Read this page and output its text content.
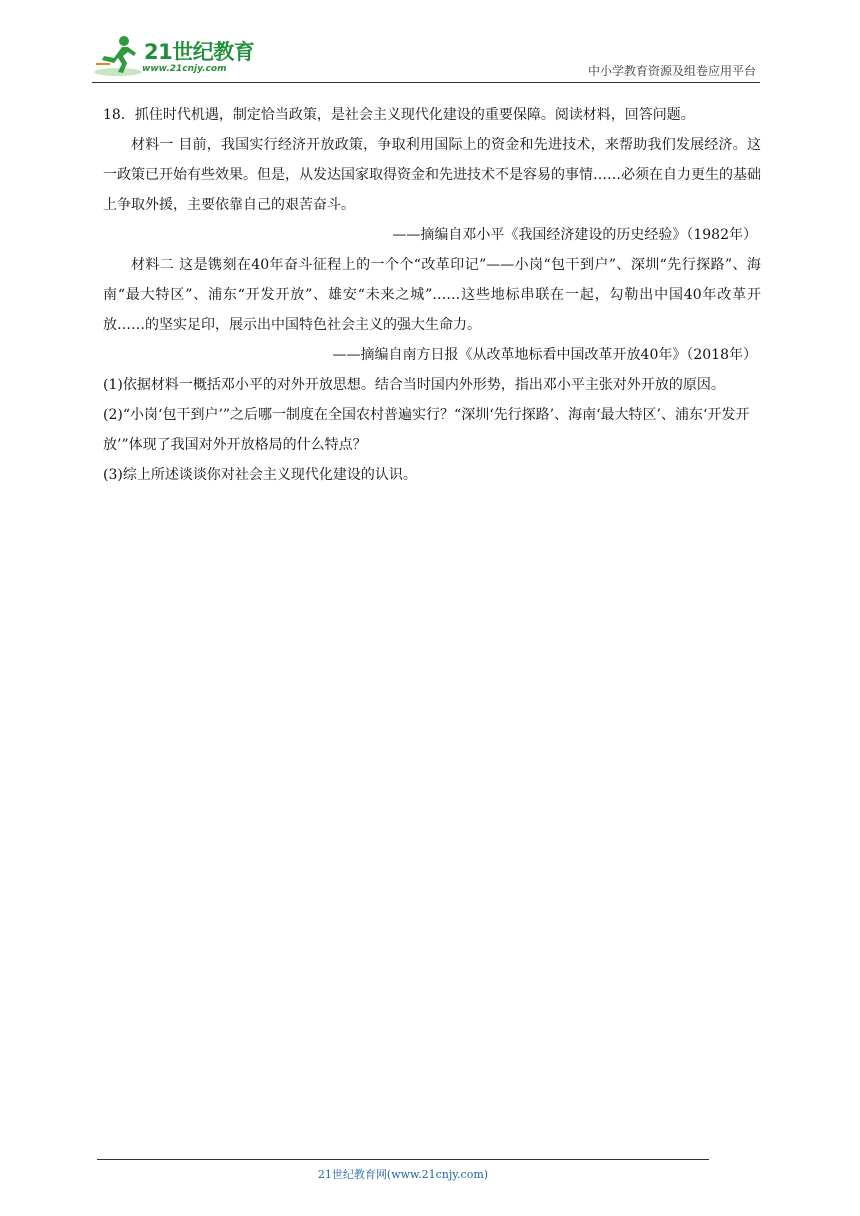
21世纪教育
www.21cnjy.com	中小学教育资源及组卷应用平台

18．抓住时代机遇，制定恰当政策，是社会主义现代化建设的重要保障。阅读材料，回答问题。

材料一 目前，我国实行经济开放政策，争取利用国际上的资金和先进技术，来帮助我们发展经济。这一政策已开始有些效果。但是，从发达国家取得资金和先进技术不是容易的事情……必须在自力更生的基础上争取外援，主要依靠自己的艰苦奋斗。

——摘编自邓小平《我国经济建设的历史经验》（1982年）

材料二 这是镌刻在40年奋斗征程上的一个个“改革印记”——小岗“包干到户”、深圳“先行探路”、海南“最大特区”、浦东“开发开放”、雄安“未来之城”……这些地标串联在一起，勾勒出中国40年改革开放……的坚实足印，展示出中国特色社会主义的强大生命力。

——摘编自南方日报《从改革地标看中国改革开放40年》（2018年）

(1)依据材料一概括邓小平的对外开放思想。结合当时国内外形势，指出邓小平主张对外开放的原因。

(2)“小岗‘包干到户’”之后哪一制度在全国农村普遍实行？“深圳‘先行探路’、海南‘最大特区’、浦东‘开发开放’”体现了我国对外开放格局的什么特点？

(3)综上所述谈谈你对社会主义现代化建设的认识。

21世纪教育网(www.21cnjy.com)
